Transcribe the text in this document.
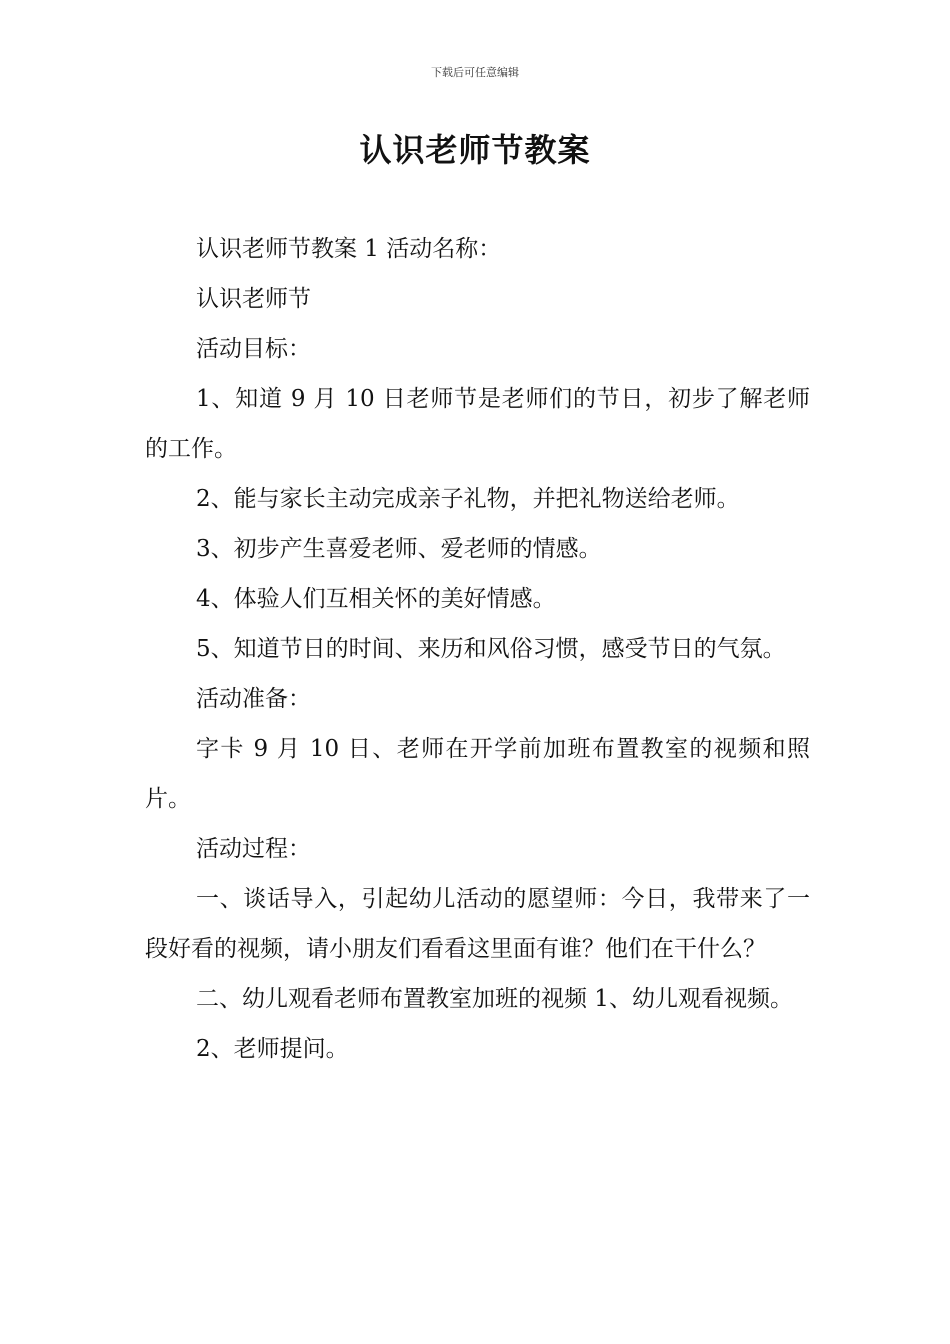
下载后可任意编辑
认识老师节教案

认识老师节教案 1 活动名称：

认识老师节

活动目标：

1、知道 9 月 10 日老师节是老师们的节日，初步了解老师的工作。

2、能与家长主动完成亲子礼物，并把礼物送给老师。

3、初步产生喜爱老师、爱老师的情感。

4、体验人们互相关怀的美好情感。

5、知道节日的时间、来历和风俗习惯，感受节日的气氛。

活动准备：

字卡 9 月 10 日、老师在开学前加班布置教室的视频和照片。

活动过程：

一、谈话导入，引起幼儿活动的愿望师：今日，我带来了一段好看的视频，请小朋友们看看这里面有谁？他们在干什么？

二、幼儿观看老师布置教室加班的视频 1、幼儿观看视频。

2、老师提问。
